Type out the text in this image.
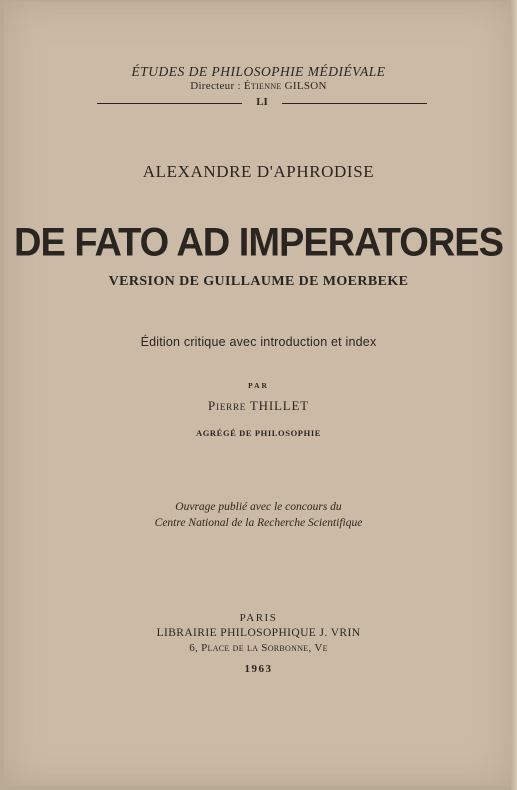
ÉTUDES DE PHILOSOPHIE MÉDIÉVALE
Directeur : Étienne GILSON
LI
ALEXANDRE D'APHRODISE
DE FATO AD IMPERATORES
VERSION DE GUILLAUME DE MOERBEKE
Édition critique avec introduction et index
PAR
Pierre THILLET
AGRÉGÉ DE PHILOSOPHIE
Ouvrage publié avec le concours du
Centre National de la Recherche Scientifique
PARIS
LIBRAIRIE PHILOSOPHIQUE J. VRIN
6, Place de la Sorbonne, Ve
1963
